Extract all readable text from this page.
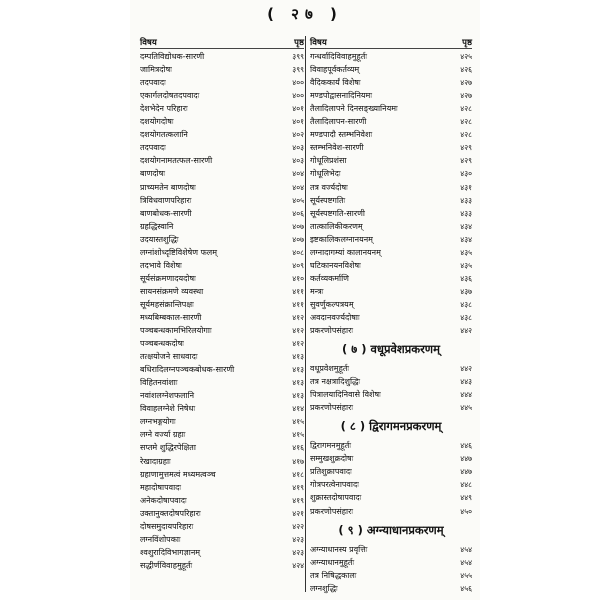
( २७ )
विषय	पृष्ठ
दम्पतिविद्योधक-सारणी	३९९
जामित्रदोषः	३९९
तदपवादः	४००
एकार्गलदोषतदपवादः	४००
देशभेदेन परिहारः	४०१
दशयोगदोषः	४०१
दशयोगतत्कलानि	४०२
तदपवादः	४०३
दशयोगनामतत्फल-सारणी	४०३
बाणदोषः	४०४
प्राच्यमतेन बाणदोषः	४०४
त्रिविधवाणपरिहारः	४०५
बाणबोधक-सारणी	४०६
ग्रहद्धिस्वानि	४०७
उदयास्तशुद्धिः	४०७
लग्नांशोध्दृष्टिविशेषेण फलम्	४०८
तदभावे विशेषः	४०९
सूर्यसंक्रमणादयदोषः	४१०
सायनसंक्रमणे व्यवस्था	४११
सूर्यमहसंक्रान्तिपक्षः	४११
मध्यबिम्बकाल-सारणी	४१२
पञ्चबन्धकामभिरिलयोगाः	४१२
पञ्चबन्धकदोषः	४१२
तत्क्षयोजने साधवादः	४१३
बधिरादिलग्नपञ्चकबोधक-सारणी	४१३
विहितनवांशाः	४१३
नवांशलग्नेशफलानि	४१३
विवाहलग्नेशे निषेधः	४१४
लग्नभङ्गयोगः	४१५
लग्ने वर्ज्या ग्रहाः	४१५
सप्तमे शुद्धिरपेक्षिता	४१६
रेखादाग्रहाः	४१७
ग्रहाणामुत्तमत्वं मध्यमत्वञ्च	४१८
महादोषापवादः	४१९
अनेकदोषापवादः	४१९
उक्तानुक्तदोषपरिहारः	४२१
दोषसमुदायपरिहारः	४२२
लग्नविंशोपकाः	४२३
श्वशुरादिविभागज्ञानम्	४२३
सद्धीर्णविवाहमुहूर्तः	४२४
विषय	पृष्ठ
गन्धर्वादिविवाहमुहूर्तः	४२५
विवाहपूर्वकर्तव्यम्	४२६
वैदिककार्यं विशेषः	४२७
मण्डपोद्वासनादिनियमः	४२७
तैलादिलापने दिनसङ्ख्यानियमः	४२८
तैलादिलापन-सारणी	४२८
मण्डपादौ स्तम्भनिवेशः	४२८
स्तम्भनिवेश-सारणी	४२९
गोधूलिप्रशंसा	४२९
गोधूलिभेदः	४३०
तत्र वर्ज्यदोषः	४३१
सूर्यस्पष्टगतिः	४३३
सूर्यस्पष्टगति-सारणी	४३३
तात्कालिकीकरणम्	४३४
इष्टकालिकलग्नानयनम्	४३४
लग्नादागम्यां कालानयनम्	४३५
घटिकानयनविशेषः	४३५
कर्तव्यकर्माणि	४३६
मन्त्रः	४३७
सुवर्णुकल्पत्रयम्	४३८
अवदानवर्ज्यदोषाः	४३८
प्रकरणोपसंहारः	४४२
( ७ ) वधूप्रवेशप्रकरणम्
वधूप्रवेशमुहूर्तः	४४२
तत्र नक्षत्रादिशुद्धिः	४४३
पित्रालयादिनिवासे विशेषः	४४४
प्रकरणोपसंहारः	४४५
( ८ ) द्विरागमनप्रकरणम्
द्विरागमनमुहूर्तः	४४६
सम्मुखशुक्रदोषः	४४७
प्रतिशुक्रापवादः	४४७
गोत्रपरत्वेनापवादः	४४८
शुक्रास्तदोषापवादः	४४९
प्रकरणोपसंहारः	४५०
( ९ ) अग्न्याधानप्रकरणम्
अग्न्याधानस्य प्रवृत्तिः	४५४
अग्न्याधानमुहूर्तः	४५४
तत्र निषिद्धकालः	४५५
लग्नशुद्धिः	४५६
